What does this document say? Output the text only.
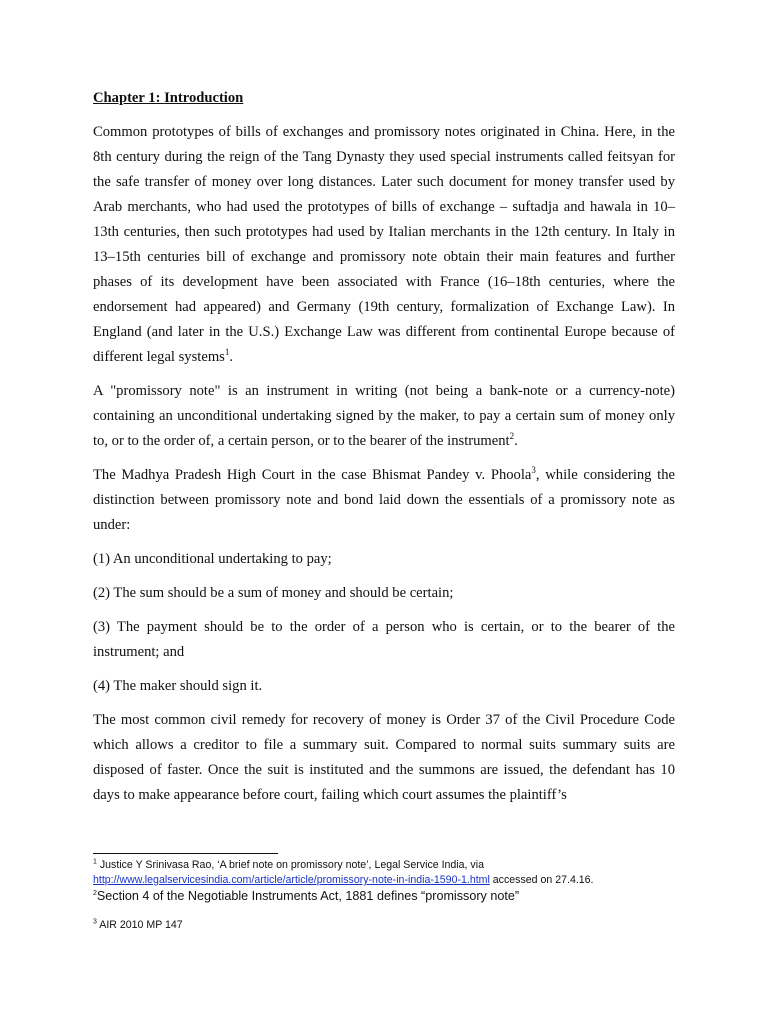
Chapter 1: Introduction

Common prototypes of bills of exchanges and promissory notes originated in China. Here, in the 8th century during the reign of the Tang Dynasty they used special instruments called feitsyan for the safe transfer of money over long distances. Later such document for money transfer used by Arab merchants, who had used the prototypes of bills of exchange – suftadja and hawala in 10–13th centuries, then such prototypes had used by Italian merchants in the 12th century. In Italy in 13–15th centuries bill of exchange and promissory note obtain their main features and further phases of its development have been associated with France (16–18th centuries, where the endorsement had appeared) and Germany (19th century, formalization of Exchange Law). In England (and later in the U.S.) Exchange Law was different from continental Europe because of different legal systems$^1$.

A "promissory note" is an instrument in writing (not being a bank-note or a currency-note) containing an unconditional undertaking signed by the maker, to pay a certain sum of money only to, or to the order of, a certain person, or to the bearer of the instrument$^2$.

The Madhya Pradesh High Court in the case Bhismat Pandey v. Phoola$^3$, while considering the distinction between promissory note and bond laid down the essentials of a promissory note as under:

(1) An unconditional undertaking to pay;

(2) The sum should be a sum of money and should be certain;

(3) The payment should be to the order of a person who is certain, or to the bearer of the instrument; and

(4) The maker should sign it.

The most common civil remedy for recovery of money is Order 37 of the Civil Procedure Code which allows a creditor to file a summary suit. Compared to normal suits summary suits are disposed of faster. Once the suit is instituted and the summons are issued, the defendant has 10 days to make appearance before court, failing which court assumes the plaintiff’s

$^1$ Justice Y Srinivasa Rao, ‘A brief note on promissory note’, Legal Service India, via
http://www.legalservicesindia.com/article/article/promissory-note-in-india-1590-1.html accessed on 27.4.16.

$^2$Section 4 of the Negotiable Instruments Act, 1881 defines “promissory note”

$^3$ AIR 2010 MP 147
